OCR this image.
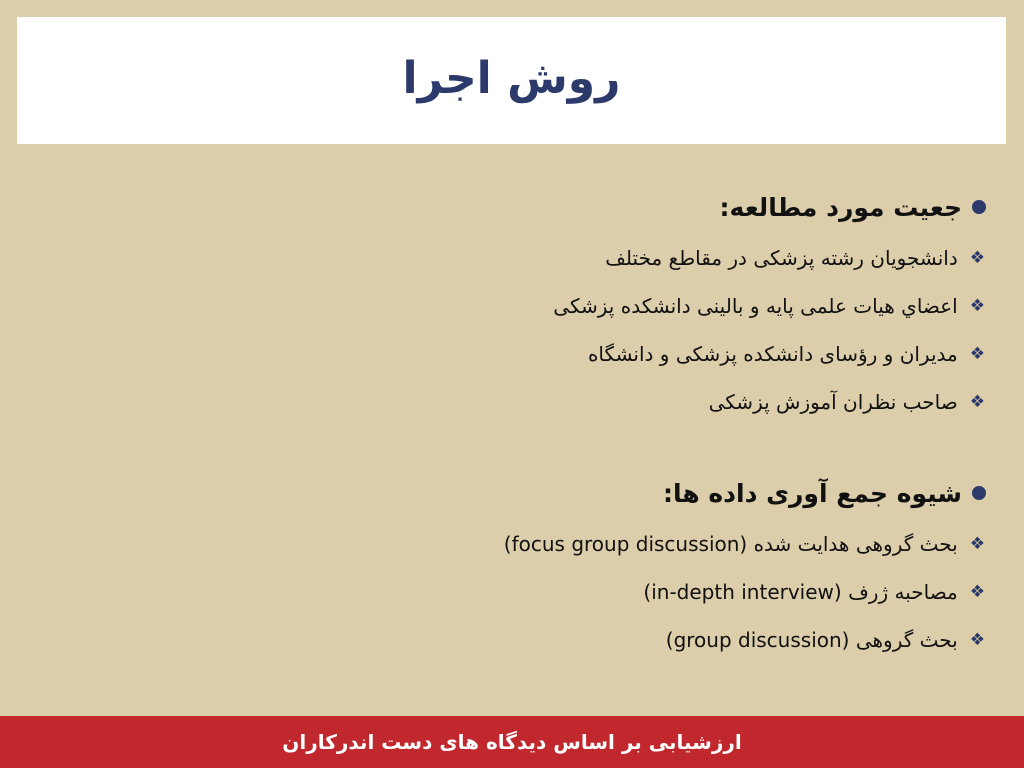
روش اجرا
جعیت مورد مطالعه:
❖
دانشجویان رشته پزشکی در مقاطع مختلف
❖
اعضاي هيات علمی پايه و بالينی دانشکده پزشکی
❖
مديران و رؤسای دانشکده پزشکی و دانشگاه
❖
صاحب نظران آموزش پزشکی
شیوه جمع آوری داده ها:
❖
بحث گروهی هدايت شده (focus group discussion)
❖
مصاحبه ژرف (in-depth interview)
❖
بحث گروهی (group discussion)
ارزشیابی بر اساس دیدگاه های دست اندرکاران
